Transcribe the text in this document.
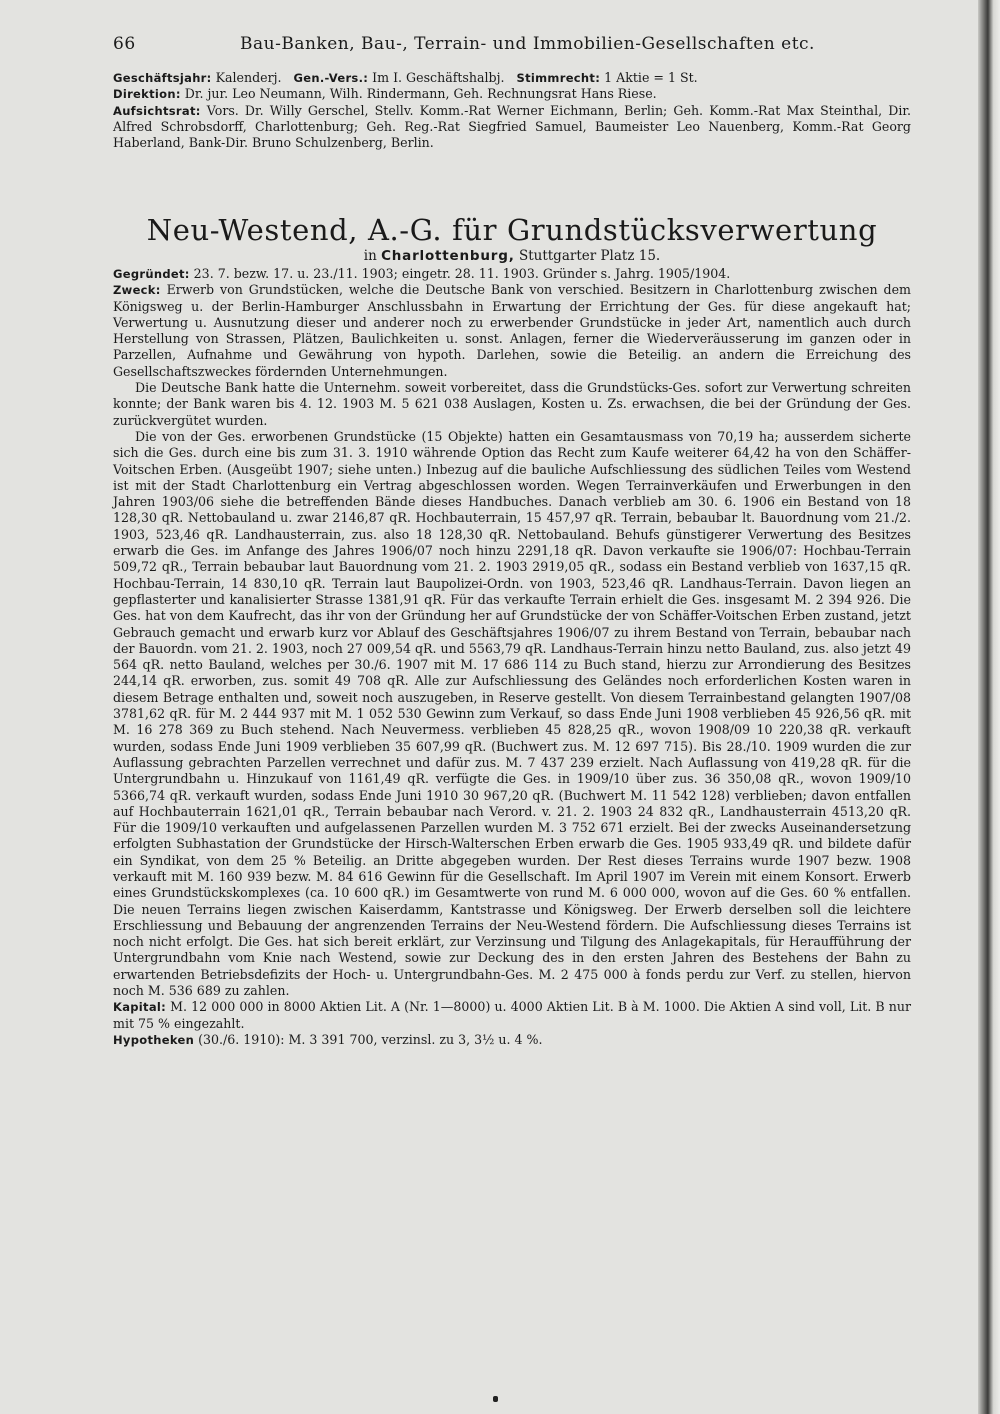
66	Bau-Banken, Bau-, Terrain- und Immobilien-Gesellschaften etc.

Geschäftsjahr: Kalenderj. Gen.-Vers.: Im I. Geschäftshalbj. Stimmrecht: 1 Aktie = 1 St.

Direktion: Dr. jur. Leo Neumann, Wilh. Rindermann, Geh. Rechnungsrat Hans Riese.

Aufsichtsrat: Vors. Dr. Willy Gerschel, Stellv. Komm.-Rat Werner Eichmann, Berlin; Geh. Komm.-Rat Max Steinthal, Dir. Alfred Schrobsdorff, Charlottenburg; Geh. Reg.-Rat Siegfried Samuel, Baumeister Leo Nauenberg, Komm.-Rat Georg Haberland, Bank-Dir. Bruno Schulzenberg, Berlin.

Neu-Westend, A.-G. für Grundstücksverwertung
in Charlottenburg, Stuttgarter Platz 15.

Gegründet: 23. 7. bezw. 17. u. 23./11. 1903; eingetr. 28. 11. 1903. Gründer s. Jahrg. 1905/1904.

Zweck: Erwerb von Grundstücken, welche die Deutsche Bank von verschied. Besitzern in Charlottenburg zwischen dem Königsweg u. der Berlin-Hamburger Anschlussbahn in Erwartung der Errichtung der Ges. für diese angekauft hat; Verwertung u. Ausnutzung dieser und anderer noch zu erwerbender Grundstücke in jeder Art, namentlich auch durch Herstellung von Strassen, Plätzen, Baulichkeiten u. sonst. Anlagen, ferner die Wiederveräusserung im ganzen oder in Parzellen, Aufnahme und Gewährung von hypoth. Darlehen, sowie die Beteilig. an andern die Erreichung des Gesellschaftszweckes fördernden Unternehmungen.

Die Deutsche Bank hatte die Unternehm. soweit vorbereitet, dass die Grundstücks-Ges. sofort zur Verwertung schreiten konnte; der Bank waren bis 4. 12. 1903 M. 5 621 038 Auslagen, Kosten u. Zs. erwachsen, die bei der Gründung der Ges. zurückvergütet wurden.

Die von der Ges. erworbenen Grundstücke (15 Objekte) hatten ein Gesamtausmass von 70,19 ha; ausserdem sicherte sich die Ges. durch eine bis zum 31. 3. 1910 währende Option das Recht zum Kaufe weiterer 64,42 ha von den Schäffer-Voitschen Erben. (Ausgeübt 1907; siehe unten.) Inbezug auf die bauliche Aufschliessung des südlichen Teiles vom Westend ist mit der Stadt Charlottenburg ein Vertrag abgeschlossen worden. Wegen Terrainverkäufen und Erwerbungen in den Jahren 1903/06 siehe die betreffenden Bände dieses Handbuches. Danach verblieb am 30. 6. 1906 ein Bestand von 18 128,30 qR. Nettobauland u. zwar 2146,87 qR. Hochbauterrain, 15 457,97 qR. Terrain, bebaubar lt. Bauordnung vom 21./2. 1903, 523,46 qR. Landhausterrain, zus. also 18 128,30 qR. Nettobauland. Behufs günstigerer Verwertung des Besitzes erwarb die Ges. im Anfange des Jahres 1906/07 noch hinzu 2291,18 qR. Davon verkaufte sie 1906/07: Hochbau-Terrain 509,72 qR., Terrain bebaubar laut Bauordnung vom 21. 2. 1903 2919,05 qR., sodass ein Bestand verblieb von 1637,15 qR. Hochbau-Terrain, 14 830,10 qR. Terrain laut Baupolizei-Ordn. von 1903, 523,46 qR. Landhaus-Terrain. Davon liegen an gepflasterter und kanalisierter Strasse 1381,91 qR. Für das verkaufte Terrain erhielt die Ges. insgesamt M. 2 394 926. Die Ges. hat von dem Kaufrecht, das ihr von der Gründung her auf Grundstücke der von Schäffer-Voitschen Erben zustand, jetzt Gebrauch gemacht und erwarb kurz vor Ablauf des Geschäftsjahres 1906/07 zu ihrem Bestand von Terrain, bebaubar nach der Bauordn. vom 21. 2. 1903, noch 27 009,54 qR. und 5563,79 qR. Landhaus-Terrain hinzu netto Bauland, zus. also jetzt 49 564 qR. netto Bauland, welches per 30./6. 1907 mit M. 17 686 114 zu Buch stand, hierzu zur Arrondierung des Besitzes 244,14 qR. erworben, zus. somit 49 708 qR. Alle zur Aufschliessung des Geländes noch erforderlichen Kosten waren in diesem Betrage enthalten und, soweit noch auszugeben, in Reserve gestellt. Von diesem Terrainbestand gelangten 1907/08 3781,62 qR. für M. 2 444 937 mit M. 1 052 530 Gewinn zum Verkauf, so dass Ende Juni 1908 verblieben 45 926,56 qR. mit M. 16 278 369 zu Buch stehend. Nach Neuvermess. verblieben 45 828,25 qR., wovon 1908/09 10 220,38 qR. verkauft wurden, sodass Ende Juni 1909 verblieben 35 607,99 qR. (Buchwert zus. M. 12 697 715). Bis 28./10. 1909 wurden die zur Auflassung gebrachten Parzellen verrechnet und dafür zus. M. 7 437 239 erzielt. Nach Auflassung von 419,28 qR. für die Untergrundbahn u. Hinzukauf von 1161,49 qR. verfügte die Ges. in 1909/10 über zus. 36 350,08 qR., wovon 1909/10 5366,74 qR. verkauft wurden, sodass Ende Juni 1910 30 967,20 qR. (Buchwert M. 11 542 128) verblieben; davon entfallen auf Hochbauterrain 1621,01 qR., Terrain bebaubar nach Verord. v. 21. 2. 1903 24 832 qR., Landhausterrain 4513,20 qR. Für die 1909/10 verkauften und aufgelassenen Parzellen wurden M. 3 752 671 erzielt. Bei der zwecks Auseinandersetzung erfolgten Subhastation der Grundstücke der Hirsch-Walterschen Erben erwarb die Ges. 1905 933,49 qR. und bildete dafür ein Syndikat, von dem 25 % Beteilig. an Dritte abgegeben wurden. Der Rest dieses Terrains wurde 1907 bezw. 1908 verkauft mit M. 160 939 bezw. M. 84 616 Gewinn für die Gesellschaft. Im April 1907 im Verein mit einem Konsort. Erwerb eines Grundstückskomplexes (ca. 10 600 qR.) im Gesamtwerte von rund M. 6 000 000, wovon auf die Ges. 60 % entfallen. Die neuen Terrains liegen zwischen Kaiserdamm, Kantstrasse und Königsweg. Der Erwerb derselben soll die leichtere Erschliessung und Bebauung der angrenzenden Terrains der Neu-Westend fördern. Die Aufschliessung dieses Terrains ist noch nicht erfolgt. Die Ges. hat sich bereit erklärt, zur Verzinsung und Tilgung des Anlagekapitals, für Heraufführung der Untergrundbahn vom Knie nach Westend, sowie zur Deckung des in den ersten Jahren des Bestehens der Bahn zu erwartenden Betriebsdefizits der Hoch- u. Untergrundbahn-Ges. M. 2 475 000 à fonds perdu zur Verf. zu stellen, hiervon noch M. 536 689 zu zahlen.

Kapital: M. 12 000 000 in 8000 Aktien Lit. A (Nr. 1—8000) u. 4000 Aktien Lit. B à M. 1000. Die Aktien A sind voll, Lit. B nur mit 75 % eingezahlt.

Hypotheken (30./6. 1910): M. 3 391 700, verzinsl. zu 3, 3½ u. 4 %.
